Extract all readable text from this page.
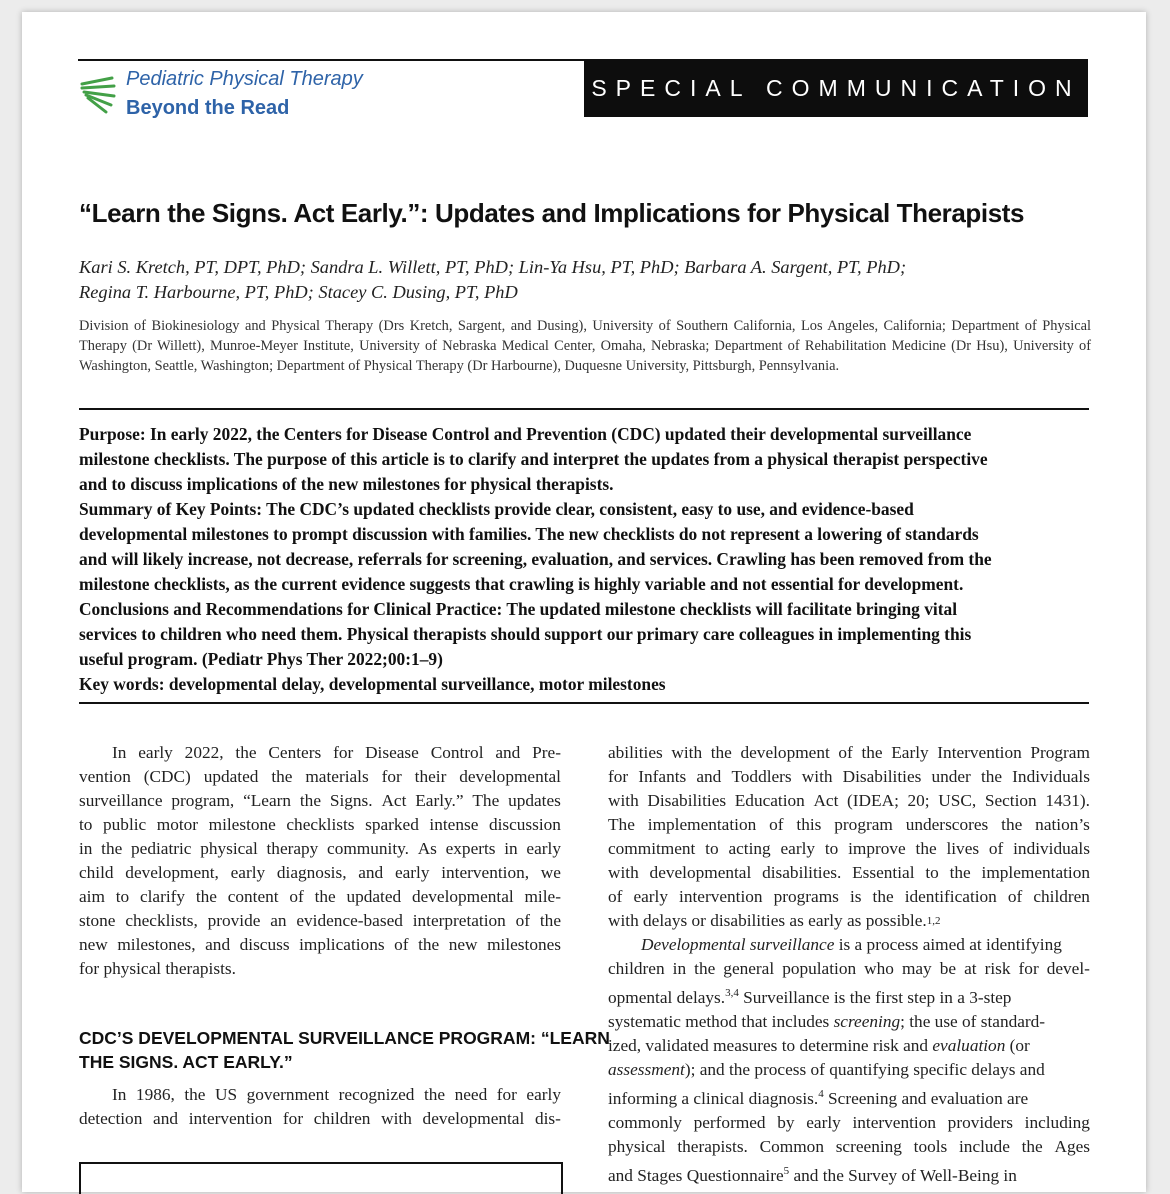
Pediatric Physical Therapy
Beyond the Read
SPECIAL COMMUNICATION
“Learn the Signs. Act Early.”: Updates and Implications for Physical Therapists
Kari S. Kretch, PT, DPT, PhD; Sandra L. Willett, PT, PhD; Lin-Ya Hsu, PT, PhD; Barbara A. Sargent, PT, PhD;
Regina T. Harbourne, PT, PhD; Stacey C. Dusing, PT, PhD
Division of Biokinesiology and Physical Therapy (Drs Kretch, Sargent, and Dusing), University of Southern California, Los Angeles, California; Department of Physical Therapy (Dr Willett), Munroe-Meyer Institute, University of Nebraska Medical Center, Omaha, Nebraska; Department of Rehabilitation Medicine (Dr Hsu), University of Washington, Seattle, Washington; Department of Physical Therapy (Dr Harbourne), Duquesne University, Pittsburgh, Pennsylvania.
Purpose: In early 2022, the Centers for Disease Control and Prevention (CDC) updated their developmental surveillance
milestone checklists. The purpose of this article is to clarify and interpret the updates from a physical therapist perspective
and to discuss implications of the new milestones for physical therapists.
Summary of Key Points: The CDC’s updated checklists provide clear, consistent, easy to use, and evidence-based
developmental milestones to prompt discussion with families. The new checklists do not represent a lowering of standards
and will likely increase, not decrease, referrals for screening, evaluation, and services. Crawling has been removed from the
milestone checklists, as the current evidence suggests that crawling is highly variable and not essential for development.
Conclusions and Recommendations for Clinical Practice: The updated milestone checklists will facilitate bringing vital
services to children who need them. Physical therapists should support our primary care colleagues in implementing this
useful program. (Pediatr Phys Ther 2022;00:1–9)
Key words: developmental delay, developmental surveillance, motor milestones
In early 2022, the Centers for Disease Control and Pre-
vention (CDC) updated the materials for their developmental
surveillance program, “Learn the Signs. Act Early.” The updates
to public motor milestone checklists sparked intense discussion
in the pediatric physical therapy community. As experts in early
child development, early diagnosis, and early intervention, we
aim to clarify the content of the updated developmental mile-
stone checklists, provide an evidence-based interpretation of the
new milestones, and discuss implications of the new milestones
for physical therapists.
CDC’S DEVELOPMENTAL SURVEILLANCE PROGRAM: “LEARN
THE SIGNS. ACT EARLY.”
In 1986, the US government recognized the need for early
detection and intervention for children with developmental dis-
abilities with the development of the Early Intervention Program
for Infants and Toddlers with Disabilities under the Individuals
with Disabilities Education Act (IDEA; 20; USC, Section 1431).
The implementation of this program underscores the nation’s
commitment to acting early to improve the lives of individuals
with developmental disabilities. Essential to the implementation
of early intervention programs is the identification of children
with delays or disabilities as early as possible. 1,2
Developmental surveillance is a process aimed at identifying
children in the general population who may be at risk for devel-
opmental delays.$^{3,4}$ Surveillance is the first step in a 3-step
systematic method that includes screening; the use of standard-
ized, validated measures to determine risk and evaluation (or
assessment); and the process of quantifying specific delays and
informing a clinical diagnosis.$^4$ Screening and evaluation are
commonly performed by early intervention providers including
physical therapists. Common screening tools include the Ages
and Stages Questionnaire$^5$ and the Survey of Well-Being in
